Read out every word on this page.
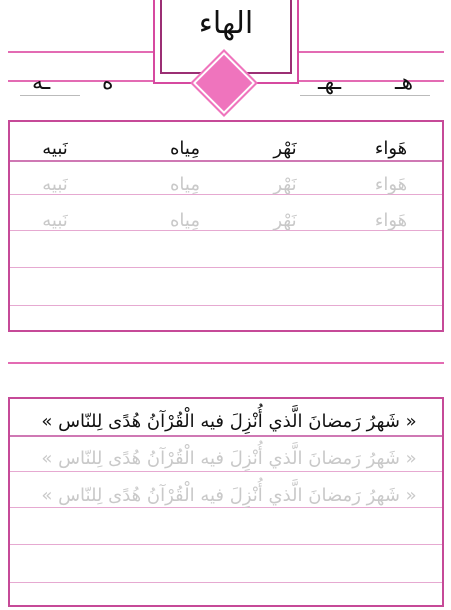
الهاء
هـ
ـهـ
ه
ـه
هَواء
نَهْر
مِياه
نَبيه
هَواء
نَهْر
مِياه
نَبيه
هَواء
نَهْر
مِياه
نَبيه
« شَهرُ رَمضانَ الَّذي أُنْزِلَ فيه الْقُرْآنُ هُدًى لِلنّاس »
« شَهرُ رَمضانَ الَّذي أُنْزِلَ فيه الْقُرْآنُ هُدًى لِلنّاس »
« شَهرُ رَمضانَ الَّذي أُنْزِلَ فيه الْقُرْآنُ هُدًى لِلنّاس »
